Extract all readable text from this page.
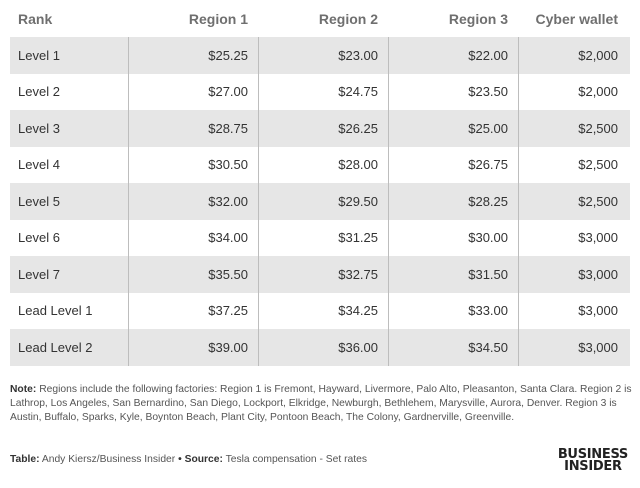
Rank	Region 1	Region 2	Region 3	Cyber wallet
Level 1	$25.25	$23.00	$22.00	$2,000
Level 2	$27.00	$24.75	$23.50	$2,000
Level 3	$28.75	$26.25	$25.00	$2,500
Level 4	$30.50	$28.00	$26.75	$2,500
Level 5	$32.00	$29.50	$28.25	$2,500
Level 6	$34.00	$31.25	$30.00	$3,000
Level 7	$35.50	$32.75	$31.50	$3,000
Lead Level 1	$37.25	$34.25	$33.00	$3,000
Lead Level 2	$39.00	$36.00	$34.50	$3,000
Note: Regions include the following factories: Region 1 is Fremont, Hayward, Livermore, Palo Alto, Pleasanton, Santa Clara. Region 2 is Lathrop, Los Angeles, San Bernardino, San Diego, Lockport, Elkridge, Newburgh, Bethlehem, Marysville, Aurora, Denver. Region 3 is Austin, Buffalo, Sparks, Kyle, Boynton Beach, Plant City, Pontoon Beach, The Colony, Gardnerville, Greenville.
Table: Andy Kiersz/Business Insider • Source: Tesla compensation - Set rates	BUSINESS
INSIDER
